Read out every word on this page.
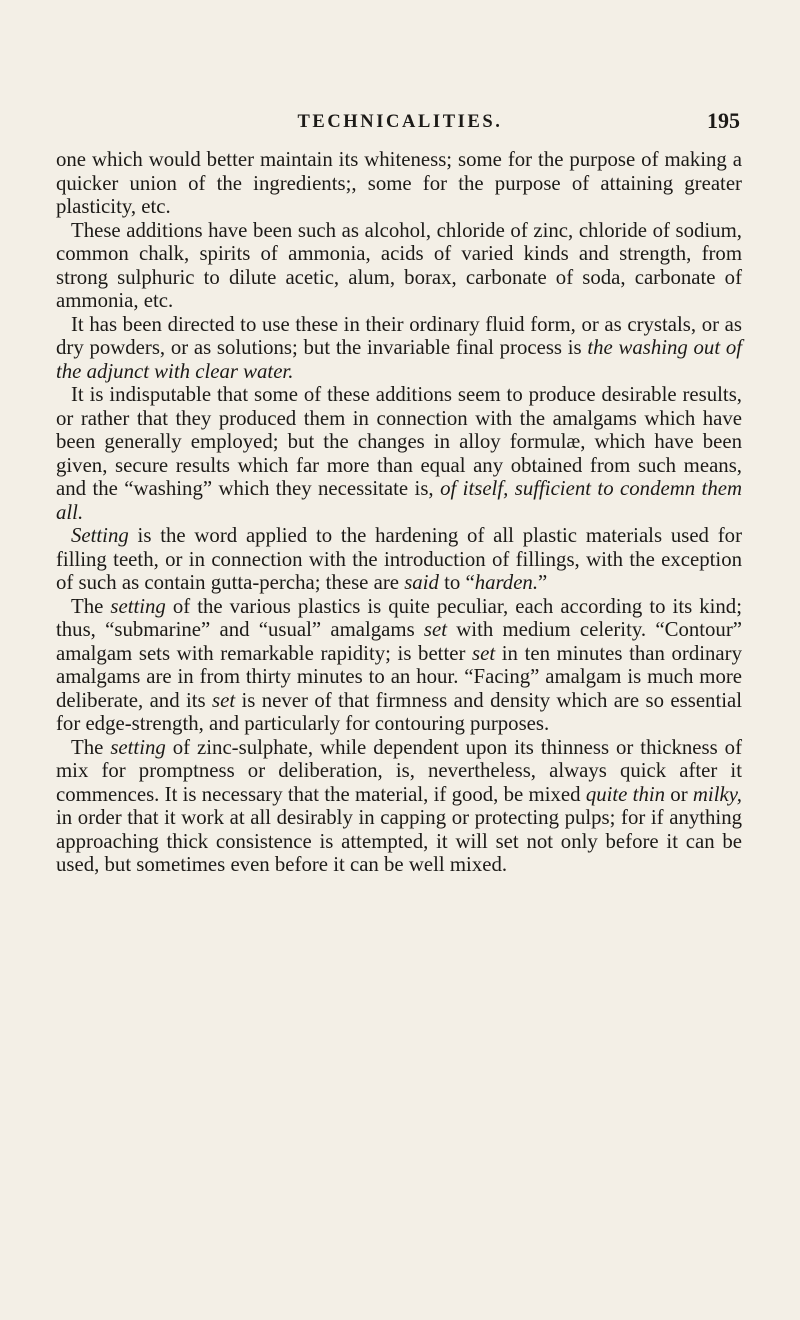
TECHNICALITIES.	195

one which would better maintain its whiteness; some for the purpose of making a quicker union of the ingredients;, some for the purpose of attaining greater plasticity, etc.

These additions have been such as alcohol, chloride of zinc, chloride of sodium, common chalk, spirits of ammonia, acids of varied kinds and strength, from strong sulphuric to dilute acetic, alum, borax, carbonate of soda, carbonate of ammonia, etc.

It has been directed to use these in their ordinary fluid form, or as crystals, or as dry powders, or as solutions; but the invariable final process is the washing out of the adjunct with clear water.

It is indisputable that some of these additions seem to produce desirable results, or rather that they produced them in connection with the amalgams which have been generally employed; but the changes in alloy formulæ, which have been given, secure results which far more than equal any obtained from such means, and the “washing” which they necessitate is, of itself, sufficient to condemn them all.

Setting is the word applied to the hardening of all plastic materials used for filling teeth, or in connection with the introduction of fillings, with the exception of such as contain gutta-percha; these are said to “harden.”

The setting of the various plastics is quite peculiar, each according to its kind; thus, “submarine” and “usual” amalgams set with medium celerity. “Contour” amalgam sets with remarkable rapidity; is better set in ten minutes than ordinary amalgams are in from thirty minutes to an hour. “Facing” amalgam is much more deliberate, and its set is never of that firmness and density which are so essential for edge-strength, and particularly for contouring purposes.

The setting of zinc-sulphate, while dependent upon its thinness or thickness of mix for promptness or deliberation, is, nevertheless, always quick after it commences. It is necessary that the material, if good, be mixed quite thin or milky, in order that it work at all desirably in capping or protecting pulps; for if anything approaching thick consistence is attempted, it will set not only before it can be used, but sometimes even before it can be well mixed.
